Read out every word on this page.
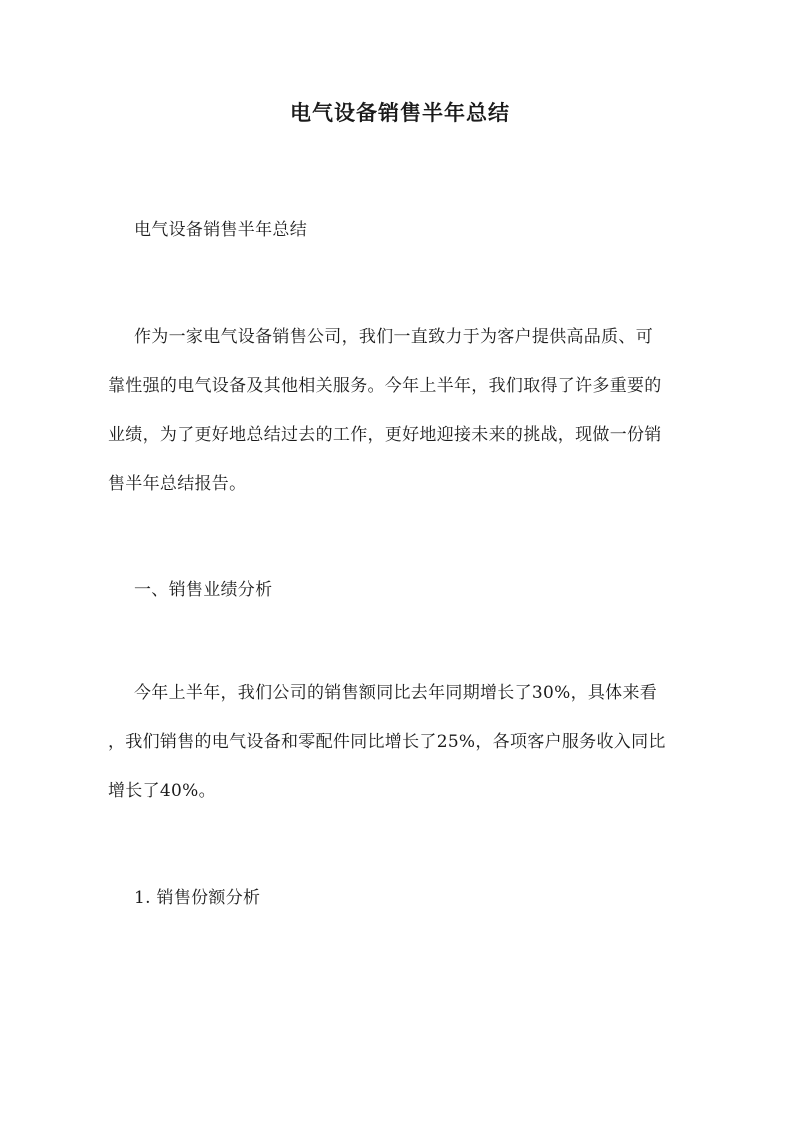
电气设备销售半年总结

电气设备销售半年总结

作为一家电气设备销售公司，我们一直致力于为客户提供高品质、可
靠性强的电气设备及其他相关服务。今年上半年，我们取得了许多重要的
业绩，为了更好地总结过去的工作，更好地迎接未来的挑战，现做一份销
售半年总结报告。

一、销售业绩分析

今年上半年，我们公司的销售额同比去年同期增长了30%，具体来看
，我们销售的电气设备和零配件同比增长了25%，各项客户服务收入同比
增长了40%。

1. 销售份额分析
